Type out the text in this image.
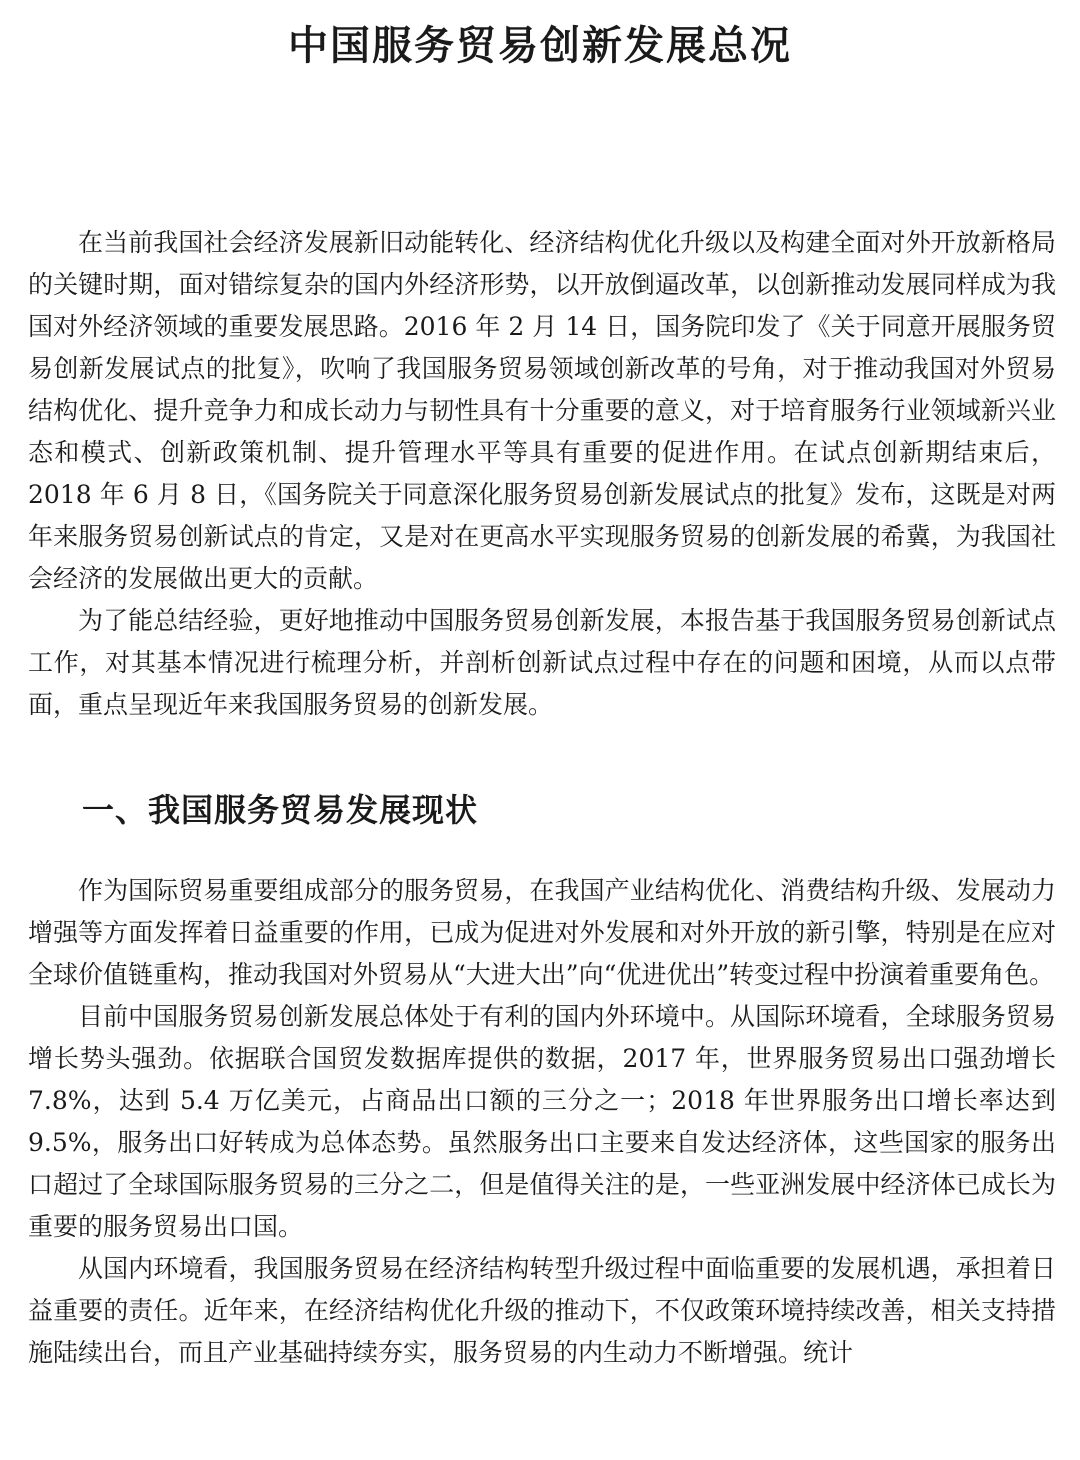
中国服务贸易创新发展总况

在当前我国社会经济发展新旧动能转化、经济结构优化升级以及构建全面对外开放新格局的关键时期，面对错综复杂的国内外经济形势，以开放倒逼改革，以创新推动发展同样成为我国对外经济领域的重要发展思路。2016 年 2 月 14 日，国务院印发了《关于同意开展服务贸易创新发展试点的批复》，吹响了我国服务贸易领域创新改革的号角，对于推动我国对外贸易结构优化、提升竞争力和成长动力与韧性具有十分重要的意义，对于培育服务行业领域新兴业态和模式、创新政策机制、提升管理水平等具有重要的促进作用。在试点创新期结束后，2018 年 6 月 8 日，《国务院关于同意深化服务贸易创新发展试点的批复》发布，这既是对两年来服务贸易创新试点的肯定，又是对在更高水平实现服务贸易的创新发展的希冀，为我国社会经济的发展做出更大的贡献。

为了能总结经验，更好地推动中国服务贸易创新发展，本报告基于我国服务贸易创新试点工作，对其基本情况进行梳理分析，并剖析创新试点过程中存在的问题和困境，从而以点带面，重点呈现近年来我国服务贸易的创新发展。

一、我国服务贸易发展现状

作为国际贸易重要组成部分的服务贸易，在我国产业结构优化、消费结构升级、发展动力增强等方面发挥着日益重要的作用，已成为促进对外发展和对外开放的新引擎，特别是在应对全球价值链重构，推动我国对外贸易从“大进大出”向“优进优出”转变过程中扮演着重要角色。

目前中国服务贸易创新发展总体处于有利的国内外环境中。从国际环境看，全球服务贸易增长势头强劲。依据联合国贸发数据库提供的数据，2017 年，世界服务贸易出口强劲增长 7.8%，达到 5.4 万亿美元，占商品出口额的三分之一；2018 年世界服务出口增长率达到 9.5%，服务出口好转成为总体态势。虽然服务出口主要来自发达经济体，这些国家的服务出口超过了全球国际服务贸易的三分之二，但是值得关注的是，一些亚洲发展中经济体已成长为重要的服务贸易出口国。

从国内环境看，我国服务贸易在经济结构转型升级过程中面临重要的发展机遇，承担着日益重要的责任。近年来，在经济结构优化升级的推动下，不仅政策环境持续改善，相关支持措施陆续出台，而且产业基础持续夯实，服务贸易的内生动力不断增强。统计
